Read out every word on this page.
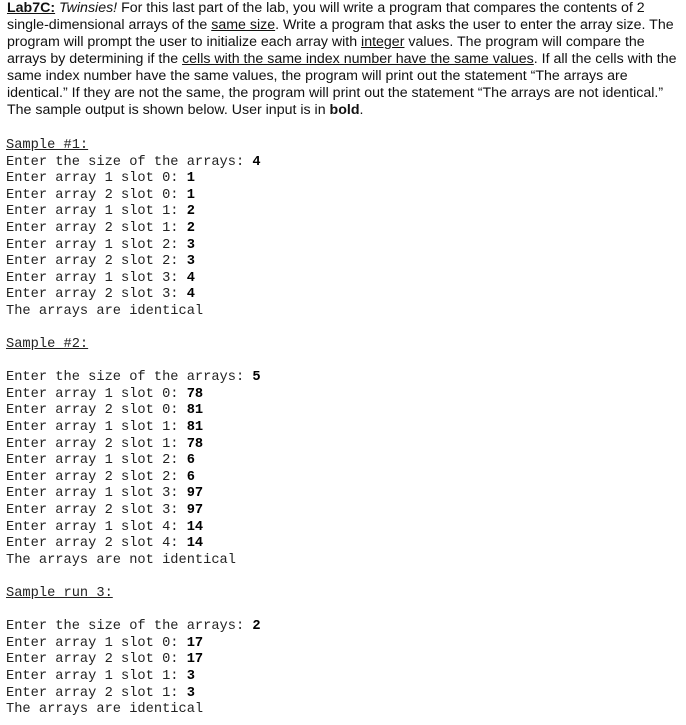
Lab7C: Twinsies! For this last part of the lab, you will write a program that compares the contents of 2 single-dimensional arrays of the same size. Write a program that asks the user to enter the array size. The program will prompt the user to initialize each array with integer values. The program will compare the arrays by determining if the cells with the same index number have the same values. If all the cells with the same index number have the same values, the program will print out the statement “The arrays are identical.” If they are not the same, the program will print out the statement “The arrays are not identical.” The sample output is shown below. User input is in bold.

Sample #1:
Enter the size of the arrays: 4
Enter array 1 slot 0: 1
Enter array 2 slot 0: 1
Enter array 1 slot 1: 2
Enter array 2 slot 1: 2
Enter array 1 slot 2: 3
Enter array 2 slot 2: 3
Enter array 1 slot 3: 4
Enter array 2 slot 3: 4
The arrays are identical
Sample #2:
Enter the size of the arrays: 5
Enter array 1 slot 0: 78
Enter array 2 slot 0: 81
Enter array 1 slot 1: 81
Enter array 2 slot 1: 78
Enter array 1 slot 2: 6
Enter array 2 slot 2: 6
Enter array 1 slot 3: 97
Enter array 2 slot 3: 97
Enter array 1 slot 4: 14
Enter array 2 slot 4: 14
The arrays are not identical
Sample run 3:
Enter the size of the arrays: 2
Enter array 1 slot 0: 17
Enter array 2 slot 0: 17
Enter array 1 slot 1: 3
Enter array 2 slot 1: 3
The arrays are identical
